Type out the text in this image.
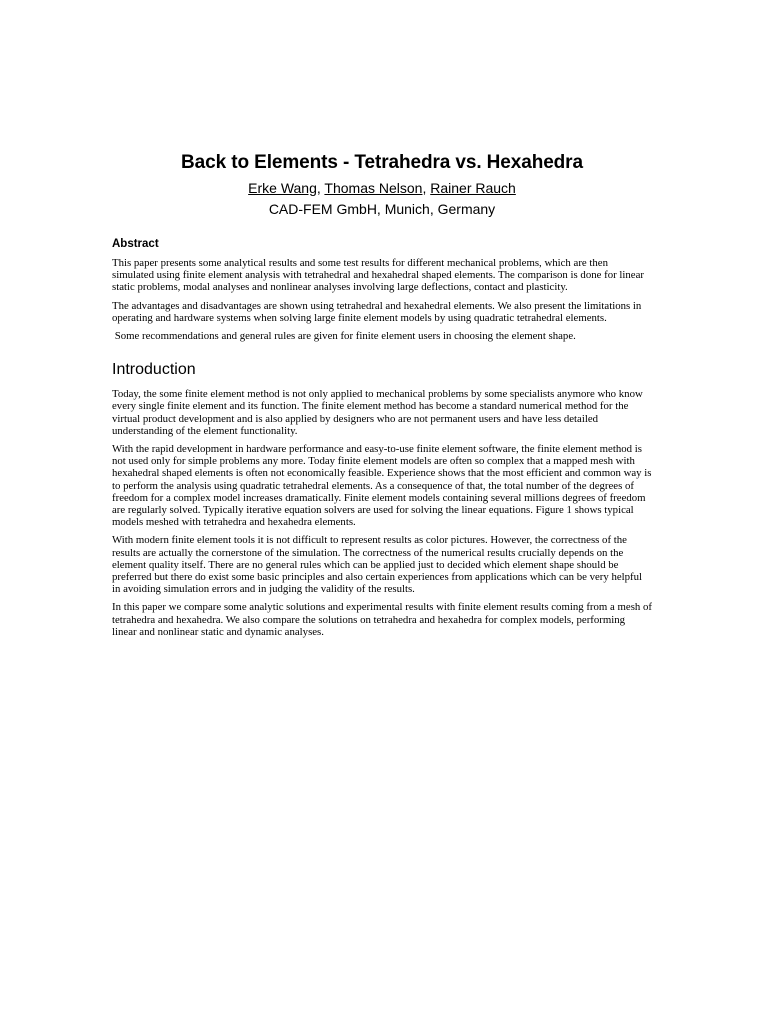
Back to Elements - Tetrahedra vs. Hexahedra
Erke Wang, Thomas Nelson, Rainer Rauch
CAD-FEM GmbH, Munich, Germany
Abstract

This paper presents some analytical results and some test results for different mechanical problems, which are then simulated using finite element analysis with tetrahedral and hexahedral shaped elements. The comparison is done for linear static problems, modal analyses and nonlinear analyses involving large deflections, contact and plasticity.

The advantages and disadvantages are shown using tetrahedral and hexahedral elements. We also present the limitations in operating and hardware systems when solving large finite element models by using quadratic tetrahedral elements.

Some recommendations and general rules are given for finite element users in choosing the element shape.

Introduction

Today, the some finite element method is not only applied to mechanical problems by some specialists anymore who know every single finite element and its function. The finite element method has become a standard numerical method for the virtual product development and is also applied by designers who are not permanent users and have less detailed understanding of the element functionality.

With the rapid development in hardware performance and easy-to-use finite element software, the finite element method is not used only for simple problems any more. Today finite element models are often so complex that a mapped mesh with hexahedral shaped elements is often not economically feasible. Experience shows that the most efficient and common way is to perform the analysis using quadratic tetrahedral elements. As a consequence of that, the total number of the degrees of freedom for a complex model increases dramatically. Finite element models containing several millions degrees of freedom are regularly solved. Typically iterative equation solvers are used for solving the linear equations. Figure 1 shows typical models meshed with tetrahedra and hexahedra elements.

With modern finite element tools it is not difficult to represent results as color pictures. However, the correctness of the results are actually the cornerstone of the simulation. The correctness of the numerical results crucially depends on the element quality itself. There are no general rules which can be applied just to decided which element shape should be preferred but there do exist some basic principles and also certain experiences from applications which can be very helpful in avoiding simulation errors and in judging the validity of the results.

In this paper we compare some analytic solutions and experimental results with finite element results coming from a mesh of tetrahedra and hexahedra. We also compare the solutions on tetrahedra and hexahedra for complex models, performing linear and nonlinear static and dynamic analyses.
